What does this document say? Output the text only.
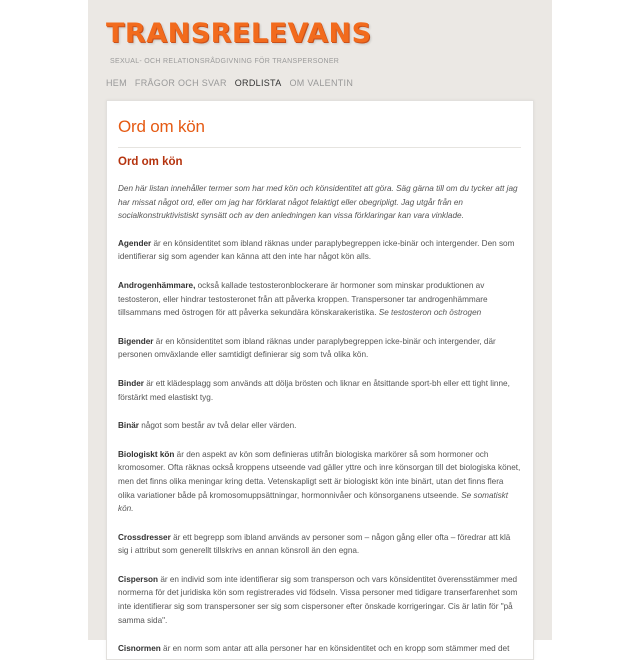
TRANSRELEVANS
SEXUAL- OCH RELATIONSRÅDGIVNING FÖR TRANSPERSONER
HEM FRÅGOR OCH SVAR ORDLISTA OM VALENTIN
Ord om kön
Ord om kön

Den här listan innehåller termer som har med kön och könsidentitet att göra. Säg gärna till om du tycker att jag har missat något ord, eller om jag har förklarat något felaktigt eller obegripligt. Jag utgår från en socialkonstruktivistiskt synsätt och av den anledningen kan vissa förklaringar kan vara vinklade.

Agender är en könsidentitet som ibland räknas under paraplybegreppen icke-binär och intergender. Den som identifierar sig som agender kan känna att den inte har något kön alls.

Androgenhämmare, också kallade testosteronblockerare är hormoner som minskar produktionen av testosteron, eller hindrar testosteronet från att påverka kroppen. Transpersoner tar androgenhämmare tillsammans med östrogen för att påverka sekundära könskarakeristika. Se testosteron och östrogen

Bigender är en könsidentitet som ibland räknas under paraplybegreppen icke-binär och intergender, där personen omväxlande eller samtidigt definierar sig som två olika kön.

Binder är ett klädesplagg som används att dölja brösten och liknar en åtsittande sport-bh eller ett tight linne, förstärkt med elastiskt tyg.

Binär något som består av två delar eller värden.

Biologiskt kön är den aspekt av kön som definieras utifrån biologiska markörer så som hormoner och kromosomer. Ofta räknas också kroppens utseende vad gäller yttre och inre könsorgan till det biologiska könet, men det finns olika meningar kring detta. Vetenskapligt sett är biologiskt kön inte binärt, utan det finns flera olika variationer både på kromosomuppsättningar, hormonnivåer och könsorganens utseende. Se somatiskt kön.

Crossdresser är ett begrepp som ibland används av personer som – någon gång eller ofta – föredrar att klä sig i attribut som generellt tillskrivs en annan könsroll än den egna.

Cisperson är en individ som inte identifierar sig som transperson och vars könsidentitet överensstämmer med normerna för det juridiska kön som registrerades vid födseln. Vissa personer med tidigare transerfarenhet som inte identifierar sig som transpersoner ser sig som cispersoner efter önskade korrigeringar. Cis är latin för "på samma sida".

Cisnormen är en norm som antar att alla personer har en könsidentitet och en kropp som stämmer med det
